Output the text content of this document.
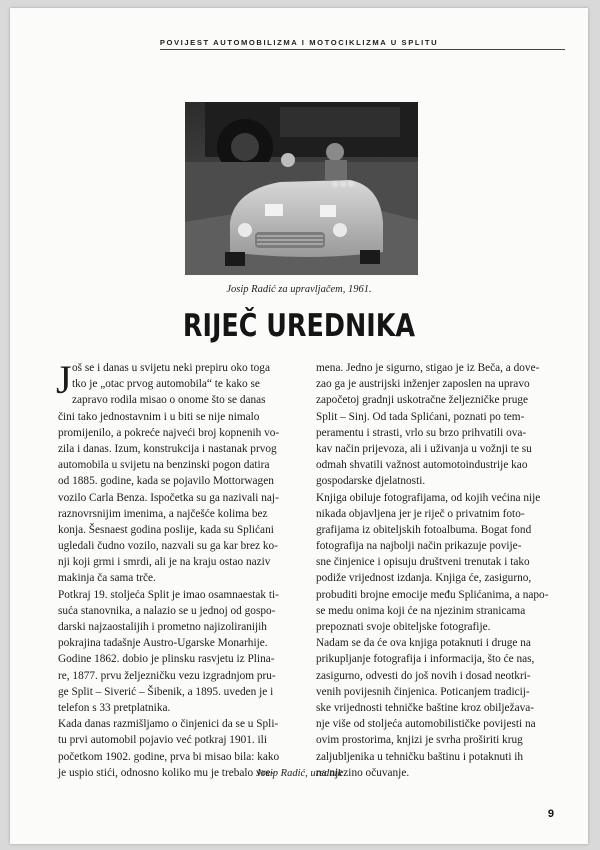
POVIJEST AUTOMOBILIZMA I MOTOCIKLIZMA U SPLITU
Josip Radić za upravljačem, 1961.
RIJEČ UREDNIKA
J oš se i danas u svijetu neki prepiru oko toga
tko je „otac prvog automobila“ te kako se
zapravo rodila misao o onome što se danas
čini tako jednostavnim i u biti se nije nimalo
promijenilo, a pokreće najveći broj kopnenih vo-
zila i danas. Izum, konstrukcija i nastanak prvog
automobila u svijetu na benzinski pogon datira
od 1885. godine, kada se pojavilo Mottorwagen
vozilo Carla Benza. Ispočetka su ga nazivali naj-
raznovrsnijim imenima, a najčešće kolima bez
konja. Šesnaest godina poslije, kada su Splićani
ugledali čudno vozilo, nazvali su ga kar brez ko-
nji koji grmi i smrdi, ali je na kraju ostao naziv
makinja ča sama trče.
Potkraj 19. stoljeća Split je imao osamnaestak ti-
suća stanovnika, a nalazio se u jednoj od gospo-
darski najzaostalijih i prometno najizoliranijih
pokrajina tadašnje Austro-Ugarske Monarhije.
Godine 1862. dobio je plinsku rasvjetu iz Plina-
re, 1877. prvu željezničku vezu izgradnjom pru-
ge Split – Siverić – Šibenik, a 1895. uveden je i
telefon s 33 pretplatnika.
Kada danas razmišljamo o činjenici da se u Spli-
tu prvi automobil pojavio već potkraj 1901. ili
početkom 1902. godine, prva bi misao bila: kako
je uspio stići, odnosno koliko mu je trebalo vre-
mena. Jedno je sigurno, stigao je iz Beča, a dove-
zao ga je austrijski inženjer zaposlen na upravo
započetoj gradnji uskotračne željezničke pruge
Split – Sinj. Od tada Splićani, poznati po tem-
peramentu i strasti, vrlo su brzo prihvatili ova-
kav način prijevoza, ali i uživanja u vožnji te su
odmah shvatili važnost automotoindustrije kao
gospodarske djelatnosti.
Knjiga obiluje fotografijama, od kojih većina nije
nikada objavljena jer je riječ o privatnim foto-
grafijama iz obiteljskih fotoalbuma. Bogat fond
fotografija na najbolji način prikazuje povije-
sne činjenice i opisuju društveni trenutak i tako
podiže vrijednost izdanja. Knjiga će, zasigurno,
probuditi brojne emocije među Splićanima, a napo-
se medu onima koji će na njezinim stranicama
prepoznati svoje obiteljske fotografije.
Nadam se da će ova knjiga potaknuti i druge na
prikupljanje fotografija i informacija, što će nas,
zasigurno, odvesti do još novih i dosad neotkri-
venih povijesnih činjenica. Poticanjem tradicij-
ske vrijednosti tehničke baštine kroz obilježava-
nje više od stoljeća automobilističke povijesti na
ovim prostorima, knjizi je svrha proširiti krug
zaljubljenika u tehničku baštinu i potaknuti ih
na njezino očuvanje.
Josip Radić, urednik
9
